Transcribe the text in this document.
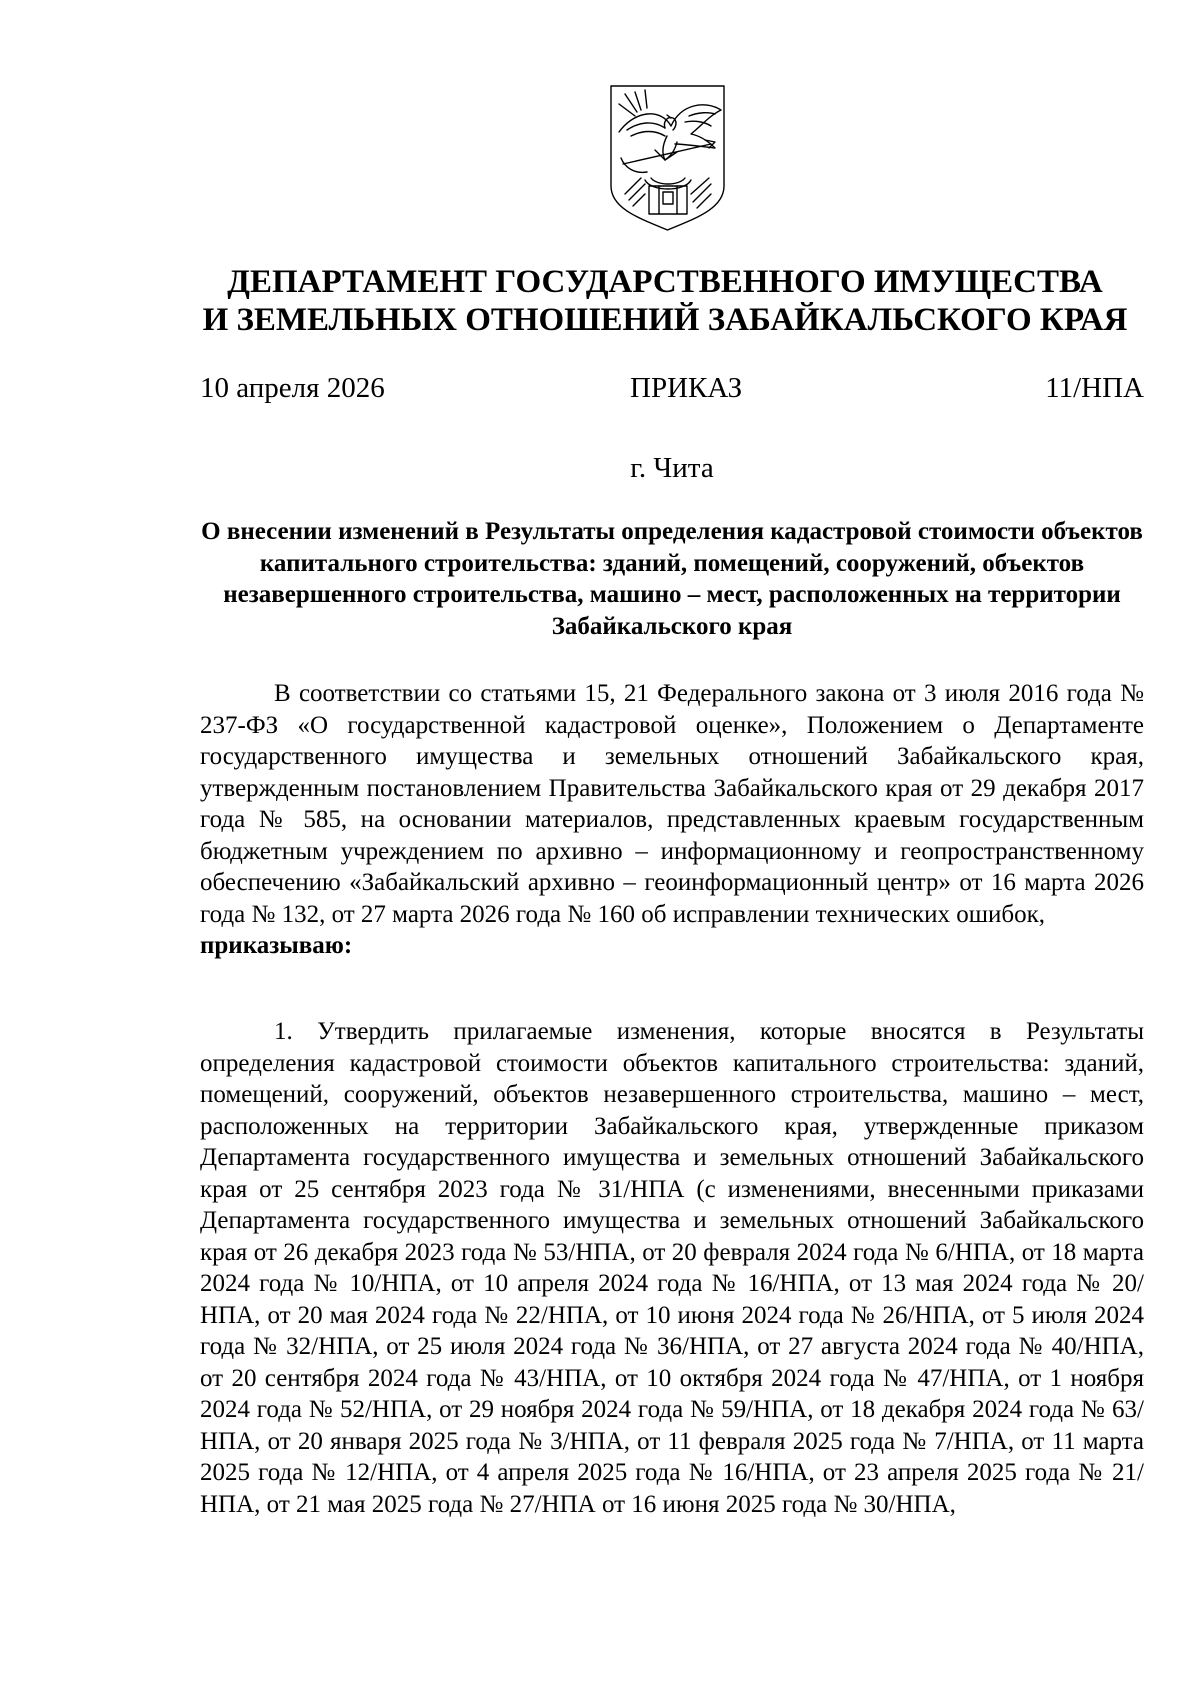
ДЕПАРТАМЕНТ ГОСУДАРСТВЕННОГО ИМУЩЕСТВА
И ЗЕМЕЛЬНЫХ ОТНОШЕНИЙ ЗАБАЙКАЛЬСКОГО КРАЯ
10 апреля 2026	ПРИКАЗ	11/НПА
г. Чита
О внесении изменений в Результаты определения кадастровой стоимости объектов капитального строительства: зданий, помещений, сооружений, объектов незавершенного строительства, машино – мест, расположенных на территории Забайкальского края

В соответствии со статьями 15, 21 Федерального закона от 3 июля 2016 года № 237-ФЗ «О государственной кадастровой оценке», Положением о Департаменте государственного имущества и земельных отношений Забайкальского края, утвержденным постановлением Правительства Забайкальского края от 29 декабря 2017 года № 585, на основании материалов, представленных краевым государственным бюджетным учреждением по архивно – информационному и геопространственному обеспечению «Забайкальский архивно – геоинформационный центр» от 16 марта 2026 года № 132, от 27 марта 2026 года № 160 об исправлении технических ошибок,
приказываю:

1. Утвердить прилагаемые изменения, которые вносятся в Результаты определения кадастровой стоимости объектов капитального строительства: зданий, помещений, сооружений, объектов незавершенного строительства, машино – мест, расположенных на территории Забайкальского края, утвержденные приказом Департамента государственного имущества и земельных отношений Забайкальского края от 25 сентября 2023 года № 31/НПА (с изменениями, внесенными приказами Департамента государственного имущества и земельных отношений Забайкальского края от 26 декабря 2023 года № 53/НПА, от 20 февраля 2024 года № 6/НПА, от 18 марта 2024 года № 10/НПА, от 10 апреля 2024 года № 16/НПА, от 13 мая 2024 года № 20/НПА, от 20 мая 2024 года № 22/НПА, от 10 июня 2024 года № 26/НПА, от 5 июля 2024 года № 32/НПА, от 25 июля 2024 года № 36/НПА, от 27 августа 2024 года № 40/НПА, от 20 сентября 2024 года № 43/НПА, от 10 октября 2024 года № 47/НПА, от 1 ноября 2024 года № 52/НПА, от 29 ноября 2024 года № 59/НПА, от 18 декабря 2024 года № 63/НПА, от 20 января 2025 года № 3/НПА, от 11 февраля 2025 года № 7/НПА, от 11 марта 2025 года № 12/НПА, от 4 апреля 2025 года № 16/НПА, от 23 апреля 2025 года № 21/НПА, от 21 мая 2025 года № 27/НПА от 16 июня 2025 года № 30/НПА,
